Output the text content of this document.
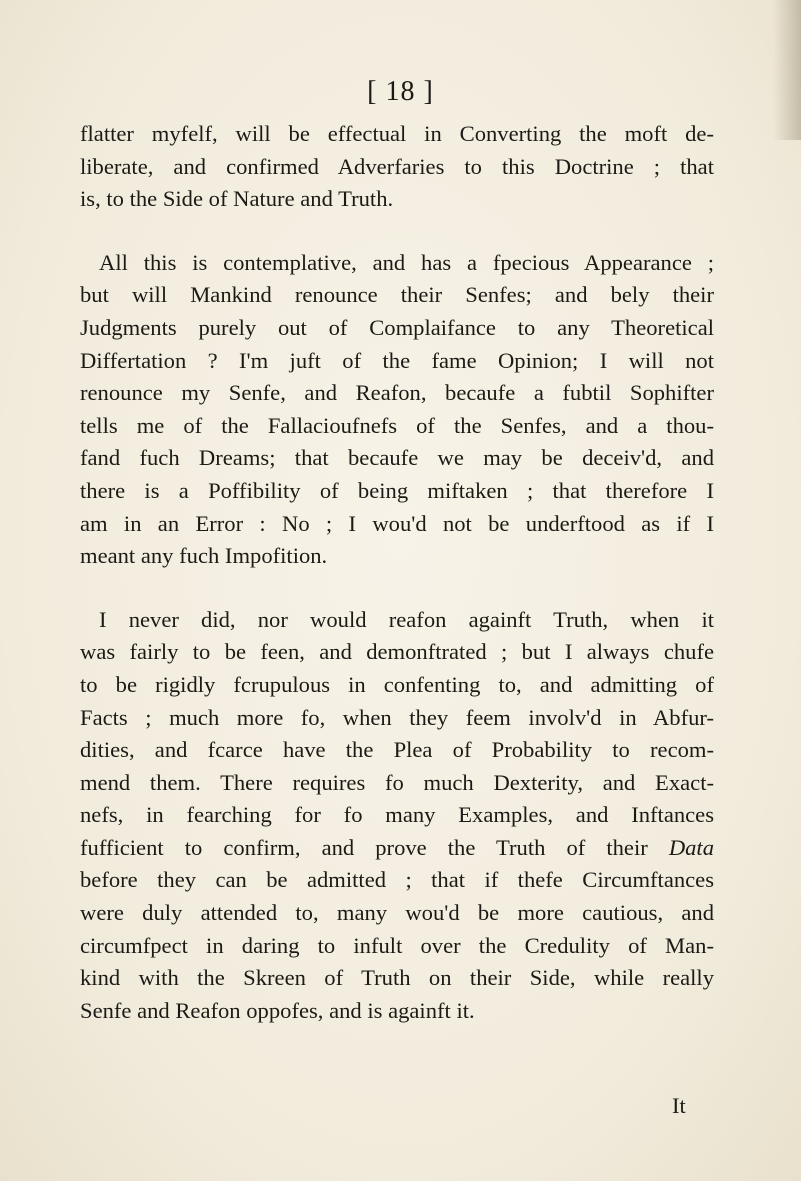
[ 18 ]
flatter myfelf, will be effectual in Converting the moft de-
liberate, and confirmed Adverfaries to this Doctrine ; that
is, to the Side of Nature and Truth.
All this is contemplative, and has a fpecious Appearance ;
but will Mankind renounce their Senfes; and bely their
Judgments purely out of Complaifance to any Theoretical
Differtation ? I'm juft of the fame Opinion; I will not
renounce my Senfe, and Reafon, becaufe a fubtil Sophifter
tells me of the Fallacioufnefs of the Senfes, and a thou-
fand fuch Dreams; that becaufe we may be deceiv'd, and
there is a Poffibility of being miftaken ; that therefore I
am in an Error : No ; I wou'd not be underftood as if I
meant any fuch Impofition.
I never did, nor would reafon againft Truth, when it
was fairly to be feen, and demonftrated ; but I always chufe
to be rigidly fcrupulous in confenting to, and admitting of
Facts ; much more fo, when they feem involv'd in Abfur-
dities, and fcarce have the Plea of Probability to recom-
mend them. There requires fo much Dexterity, and Exact-
nefs, in fearching for fo many Examples, and Inftances
fufficient to confirm, and prove the Truth of their Data
before they can be admitted ; that if thefe Circumftances
were duly attended to, many wou'd be more cautious, and
circumfpect in daring to infult over the Credulity of Man-
kind with the Skreen of Truth on their Side, while really
Senfe and Reafon oppofes, and is againft it.
It
